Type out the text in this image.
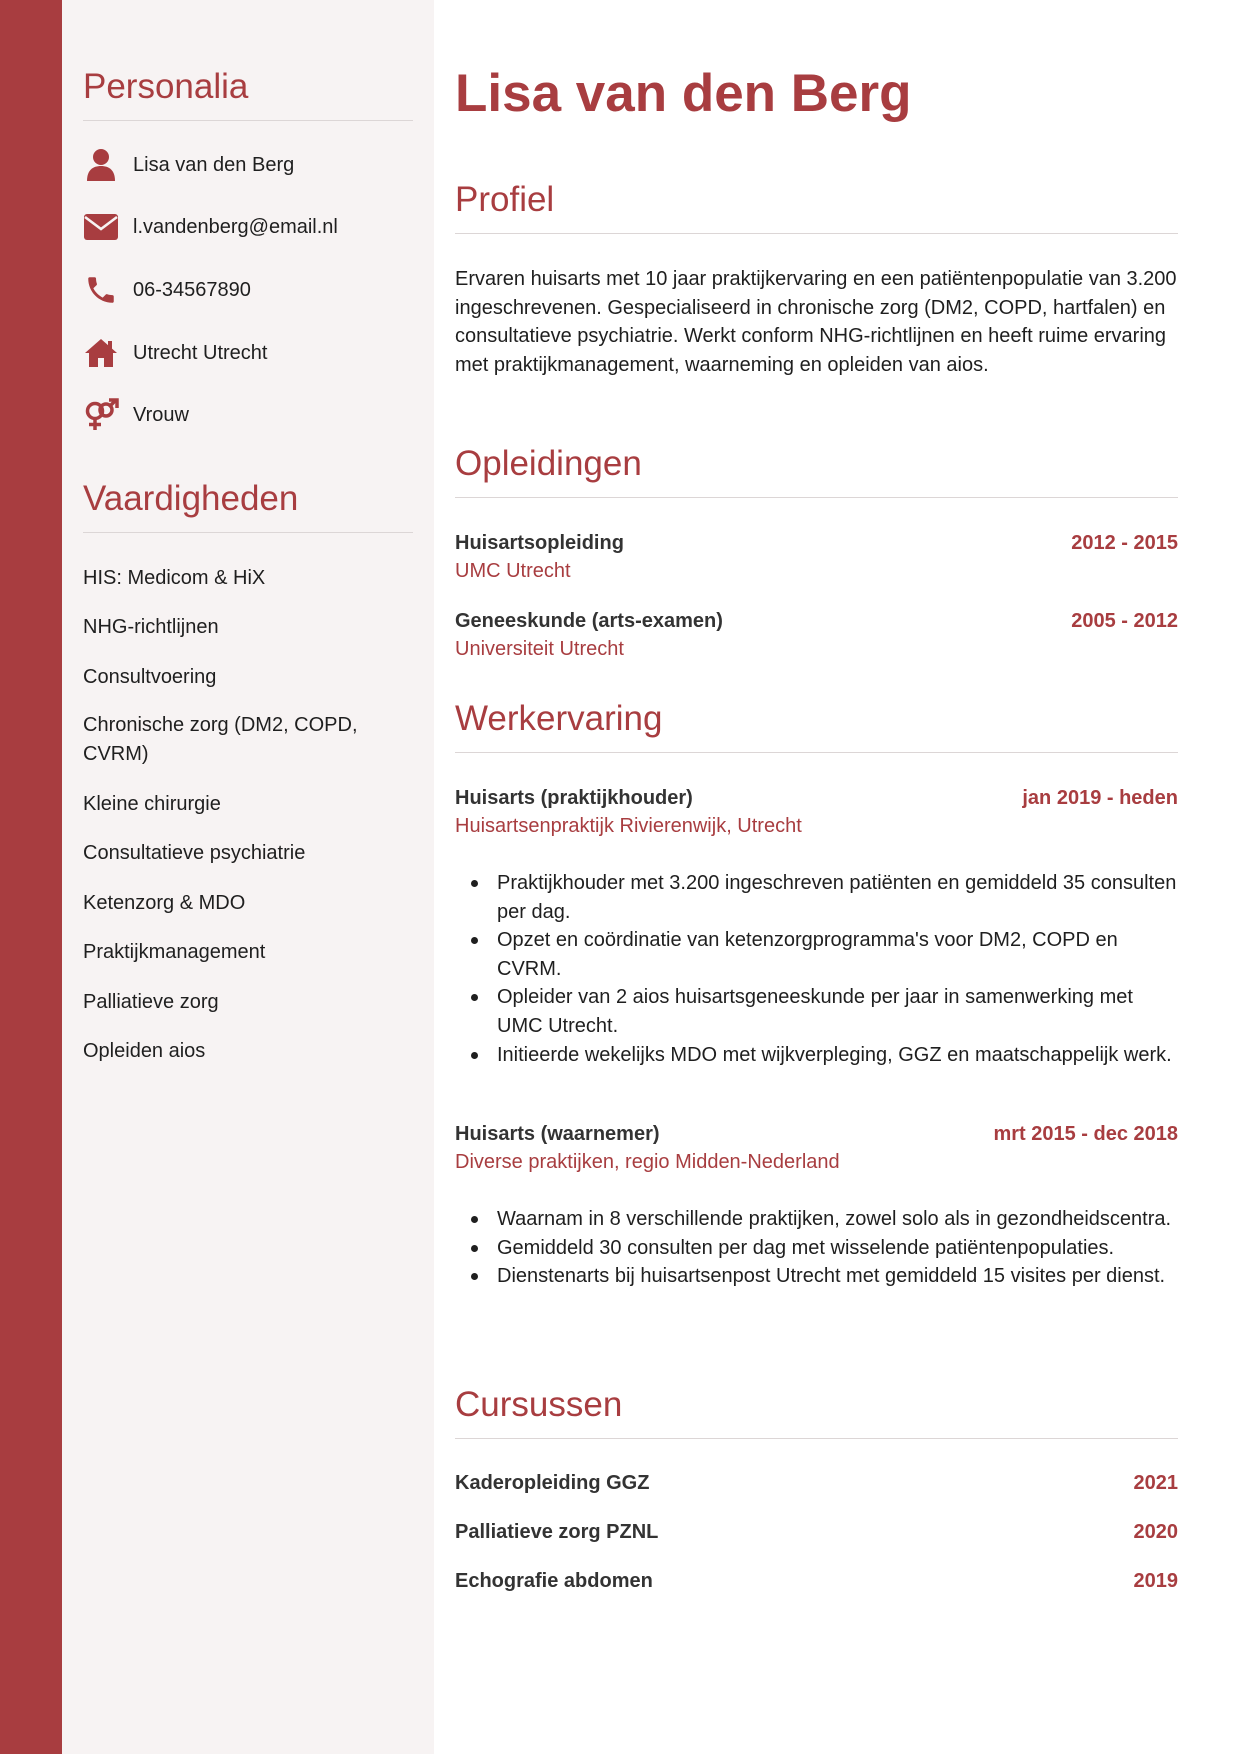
Personalia
Lisa van den Berg
l.vandenberg@email.nl
06-34567890
Utrecht Utrecht
Vrouw
Vaardigheden
HIS: Medicom & HiX
NHG-richtlijnen
Consultvoering
Chronische zorg (DM2, COPD, CVRM)
Kleine chirurgie
Consultatieve psychiatrie
Ketenzorg & MDO
Praktijkmanagement
Palliatieve zorg
Opleiden aios
Lisa van den Berg
Profiel
Ervaren huisarts met 10 jaar praktijkervaring en een patiëntenpopulatie van 3.200 ingeschrevenen. Gespecialiseerd in chronische zorg (DM2, COPD, hartfalen) en consultatieve psychiatrie. Werkt conform NHG-richtlijnen en heeft ruime ervaring met praktijkmanagement, waarneming en opleiden van aios.
Opleidingen
Huisartsopleiding	2012 - 2015
UMC Utrecht
Geneeskunde (arts-examen)	2005 - 2012
Universiteit Utrecht
Werkervaring
Huisarts (praktijkhouder)	jan 2019 - heden
Huisartsenpraktijk Rivierenwijk, Utrecht
Praktijkhouder met 3.200 ingeschreven patiënten en gemiddeld 35 consulten per dag.
Opzet en coördinatie van ketenzorgprogramma's voor DM2, COPD en CVRM.
Opleider van 2 aios huisartsgeneeskunde per jaar in samenwerking met UMC Utrecht.
Initieerde wekelijks MDO met wijkverpleging, GGZ en maatschappelijk werk.
Huisarts (waarnemer)	mrt 2015 - dec 2018
Diverse praktijken, regio Midden-Nederland
Waarnam in 8 verschillende praktijken, zowel solo als in gezondheidscentra.
Gemiddeld 30 consulten per dag met wisselende patiëntenpopulaties.
Dienstenarts bij huisartsenpost Utrecht met gemiddeld 15 visites per dienst.
Cursussen
Kaderopleiding GGZ	2021
Palliatieve zorg PZNL	2020
Echografie abdomen	2019
